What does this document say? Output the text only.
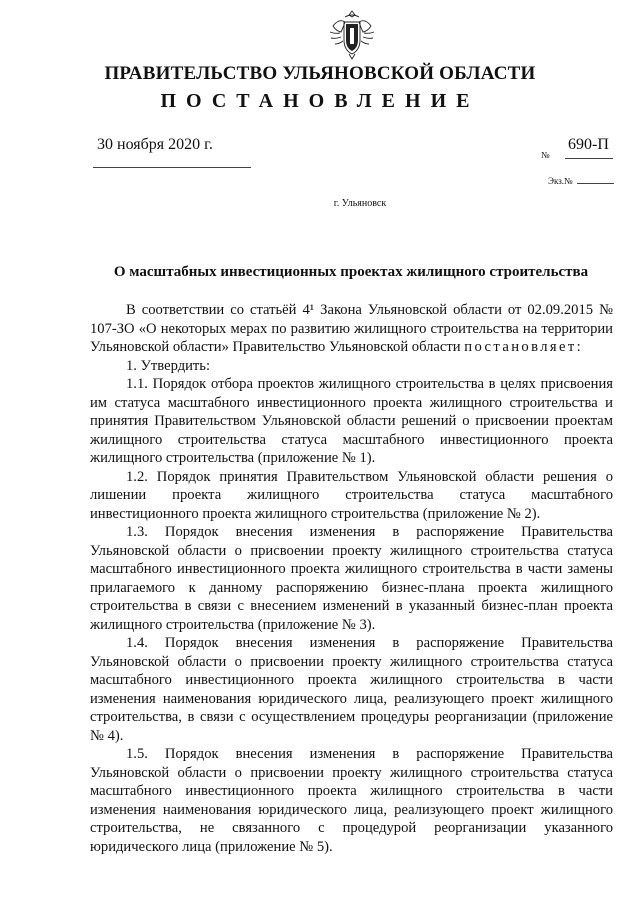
ПРАВИТЕЛЬСТВО УЛЬЯНОВСКОЙ ОБЛАСТИ
ПОСТАНОВЛЕНИЕ
30 ноября 2020 г.
№
690-П
Экз.№
г. Ульяновск
О масштабных инвестиционных проектах жилищного строительства

В соответствии со статьёй 4¹ Закона Ульяновской области от 02.09.2015 № 107-ЗО «О некоторых мерах по развитию жилищного строительства на территории Ульяновской области» Правительство Ульяновской области постановляет:

1. Утвердить:

1.1. Порядок отбора проектов жилищного строительства в целях присвоения им статуса масштабного инвестиционного проекта жилищного строительства и принятия Правительством Ульяновской области решений о присвоении проектам жилищного строительства статуса масштабного инвестиционного проекта жилищного строительства (приложение № 1).

1.2. Порядок принятия Правительством Ульяновской области решения о лишении проекта жилищного строительства статуса масштабного инвестиционного проекта жилищного строительства (приложение № 2).

1.3. Порядок внесения изменения в распоряжение Правительства Ульяновской области о присвоении проекту жилищного строительства статуса масштабного инвестиционного проекта жилищного строительства в части замены прилагаемого к данному распоряжению бизнес-плана проекта жилищного строительства в связи с внесением изменений в указанный бизнес-план проекта жилищного строительства (приложение № 3).

1.4. Порядок внесения изменения в распоряжение Правительства Ульяновской области о присвоении проекту жилищного строительства статуса масштабного инвестиционного проекта жилищного строительства в части изменения наименования юридического лица, реализующего проект жилищного строительства, в связи с осуществлением процедуры реорганизации (приложение № 4).

1.5. Порядок внесения изменения в распоряжение Правительства Ульяновской области о присвоении проекту жилищного строительства статуса масштабного инвестиционного проекта жилищного строительства в части изменения наименования юридического лица, реализующего проект жилищного строительства, не связанного с процедурой реорганизации указанного юридического лица (приложение № 5).
